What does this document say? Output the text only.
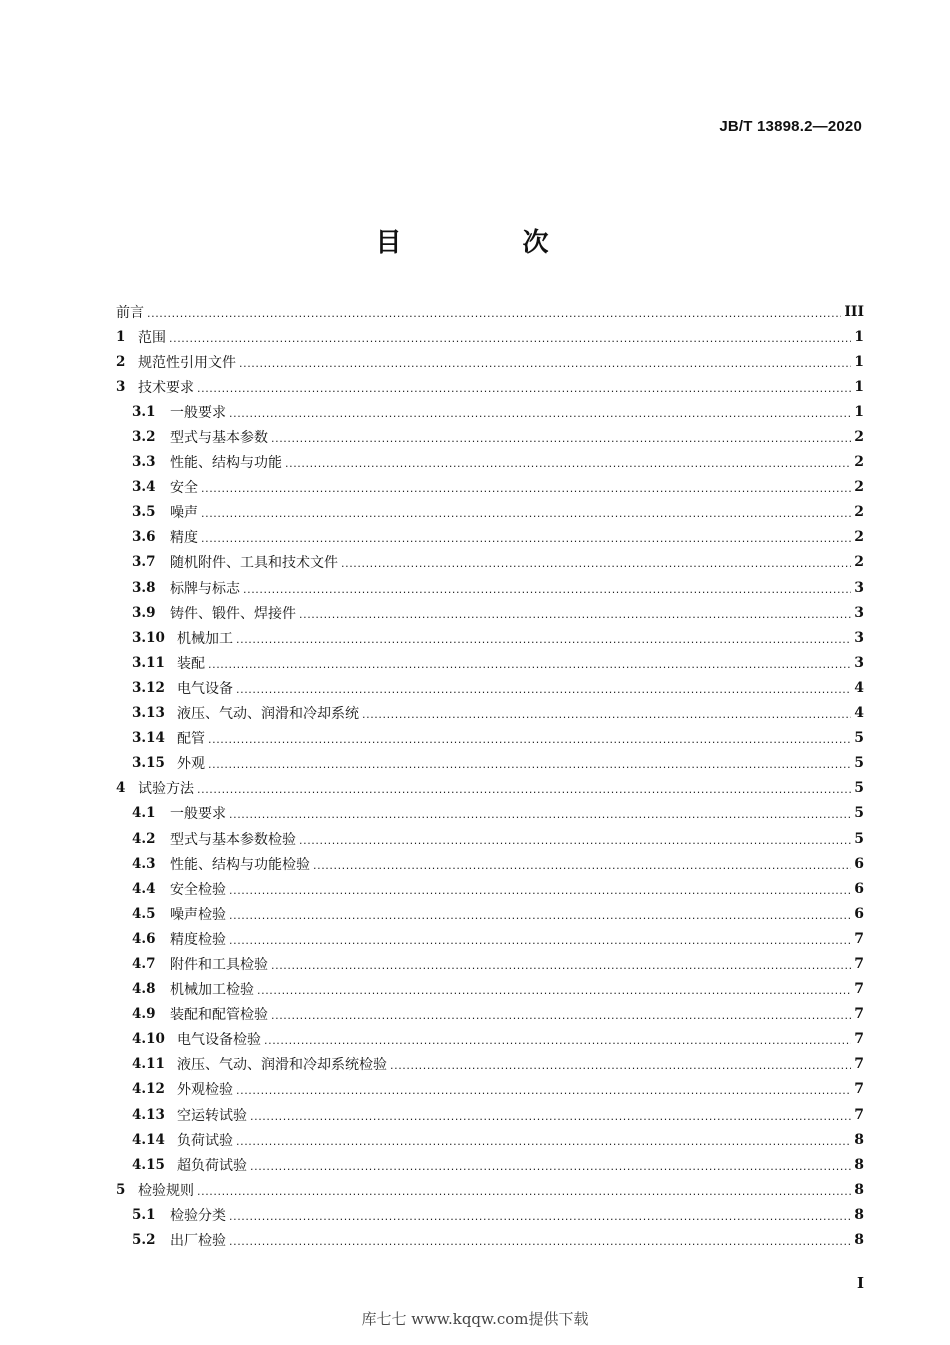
JB/T 13898.2—2020
目 次
前言 .....	III
1 范围 .....	1
2 规范性引用文件 .....	1
3 技术要求 .....	1
3.1	一般要求 .....	1
3.2	型式与基本参数 .....	2
3.3	性能、结构与功能 .....	2
3.4	安全 .....	2
3.5	噪声 .....	2
3.6	精度 .....	2
3.7	随机附件、工具和技术文件 .....	2
3.8	标牌与标志 .....	3
3.9	铸件、锻件、焊接件 .....	3
3.10 机械加工 .....	3
3.11 装配 .....	3
3.12 电气设备 .....	4
3.13 液压、气动、润滑和冷却系统 .....	4
3.14 配管 .....	5
3.15 外观 .....	5
4 试验方法 .....	5
4.1	一般要求 .....	5
4.2	型式与基本参数检验 .....	5
4.3	性能、结构与功能检验 .....	6
4.4	安全检验 .....	6
4.5	噪声检验 .....	6
4.6	精度检验 .....	7
4.7	附件和工具检验 .....	7
4.8	机械加工检验 .....	7
4.9	装配和配管检验 .....	7
4.10 电气设备检验 .....	7
4.11 液压、气动、润滑和冷却系统检验 .....	7
4.12 外观检验 .....	7
4.13 空运转试验 .....	7
4.14 负荷试验 .....	8
4.15 超负荷试验 .....	8
5 检验规则 .....	8
5.1	检验分类 .....	8
5.2	出厂检验 .....	8
I
库七七 www.kqqw.com提供下载
